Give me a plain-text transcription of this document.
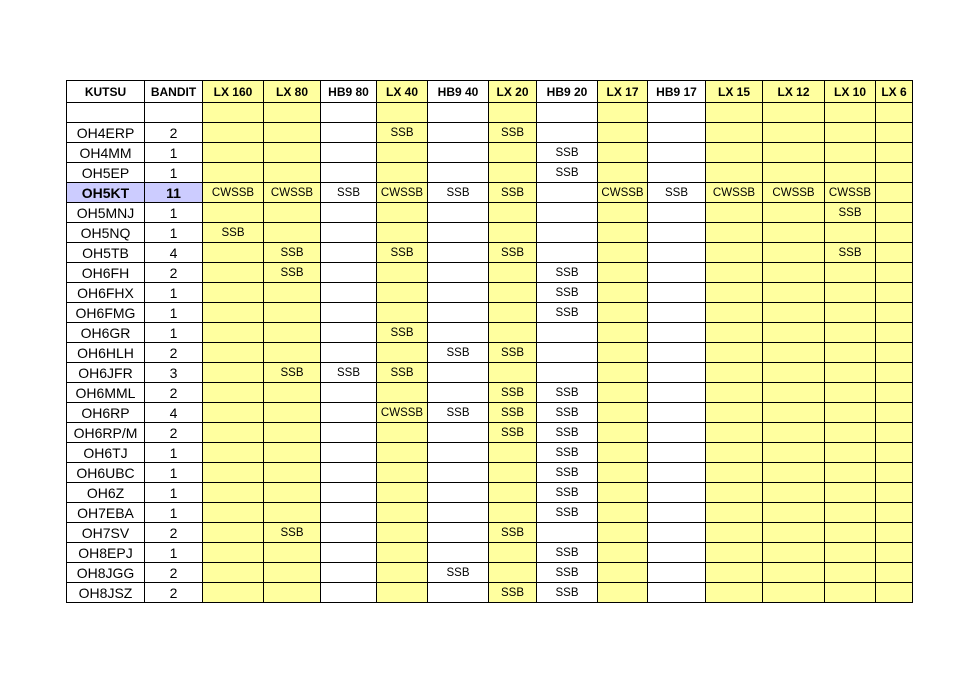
KUTSU	BANDIT	LX 160	LX 80	HB9 80	LX 40	HB9 40	LX 20	HB9 20	LX 17	HB9 17	LX 15	LX 12	LX 10	LX 6

OH4ERP	2				SSB		SSB							
OH4MM	1							SSB						
OH5EP	1							SSB						
OH5KT	11	CWSSB	CWSSB	SSB	CWSSB	SSB	SSB		CWSSB	SSB	CWSSB	CWSSB	CWSSB	
OH5MNJ	1												SSB	
OH5NQ	1	SSB												
OH5TB	4		SSB		SSB		SSB						SSB	
OH6FH	2		SSB					SSB						
OH6FHX	1							SSB						
OH6FMG	1							SSB						
OH6GR	1				SSB									
OH6HLH	2					SSB	SSB							
OH6JFR	3		SSB	SSB	SSB									
OH6MML	2						SSB	SSB						
OH6RP	4				CWSSB	SSB	SSB	SSB						
OH6RP/M	2						SSB	SSB						
OH6TJ	1							SSB						
OH6UBC	1							SSB						
OH6Z	1							SSB						
OH7EBA	1							SSB						
OH7SV	2		SSB				SSB							
OH8EPJ	1							SSB						
OH8JGG	2					SSB		SSB						
OH8JSZ	2						SSB	SSB						
